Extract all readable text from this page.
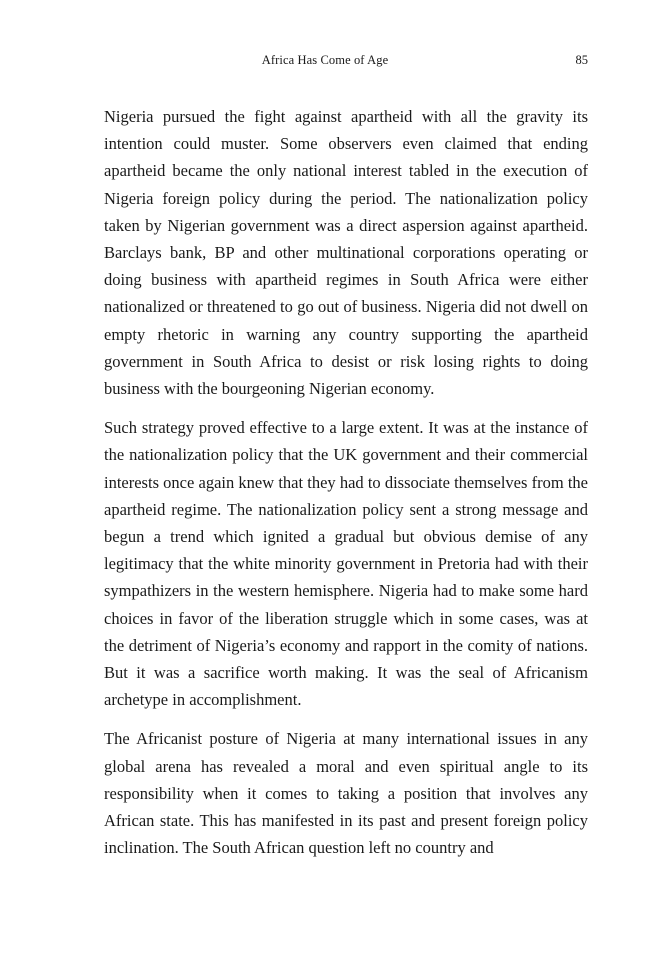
Africa Has Come of Age	85

Nigeria pursued the fight against apartheid with all the gravity its intention could muster. Some observers even claimed that ending apartheid became the only national interest tabled in the execution of Nigeria foreign policy during the period. The nationalization policy taken by Nigerian government was a direct aspersion against apartheid. Barclays bank, BP and other multinational corporations operating or doing business with apartheid regimes in South Africa were either nationalized or threatened to go out of business. Nigeria did not dwell on empty rhetoric in warning any country supporting the apartheid government in South Africa to desist or risk losing rights to doing business with the bourgeoning Nigerian economy.

Such strategy proved effective to a large extent. It was at the instance of the nationalization policy that the UK government and their commercial interests once again knew that they had to dissociate themselves from the apartheid regime. The nationalization policy sent a strong message and begun a trend which ignited a gradual but obvious demise of any legitimacy that the white minority government in Pretoria had with their sympathizers in the western hemisphere. Nigeria had to make some hard choices in favor of the liberation struggle which in some cases, was at the detriment of Nigeria’s economy and rapport in the comity of nations. But it was a sacrifice worth making. It was the seal of Africanism archetype in accomplishment.

The Africanist posture of Nigeria at many international issues in any global arena has revealed a moral and even spiritual angle to its responsibility when it comes to taking a position that involves any African state. This has manifested in its past and present foreign policy inclination. The South African question left no country and
